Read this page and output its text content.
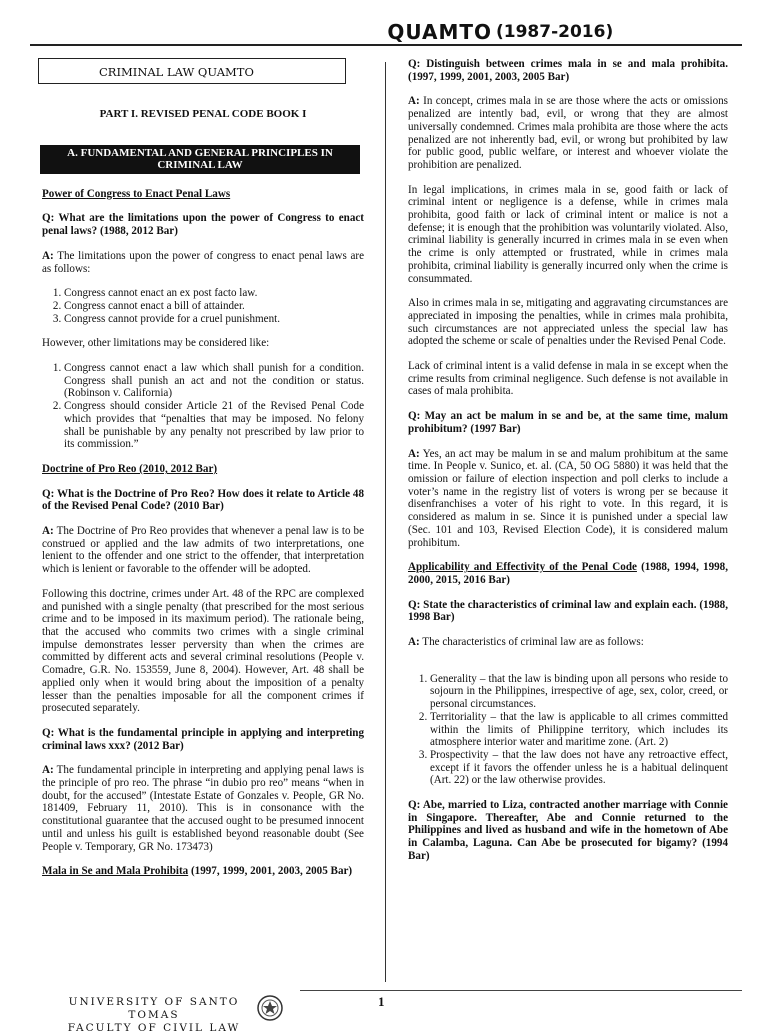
QUAMTO (1987-2016)
CRIMINAL LAW QUAMTO
PART I. REVISED PENAL CODE BOOK I
A. FUNDAMENTAL AND GENERAL PRINCIPLES IN CRIMINAL LAW
Power of Congress to Enact Penal Laws
Q: What are the limitations upon the power of Congress to enact penal laws? (1988, 2012 Bar)
A: The limitations upon the power of congress to enact penal laws are as follows:
1. Congress cannot enact an ex post facto law.
2. Congress cannot enact a bill of attainder.
3. Congress cannot provide for a cruel punishment.
However, other limitations may be considered like:
1. Congress cannot enact a law which shall punish for a condition. Congress shall punish an act and not the condition or status. (Robinson v. California)
2. Congress should consider Article 21 of the Revised Penal Code which provides that “penalties that may be imposed. No felony shall be punishable by any penalty not prescribed by law prior to its commission.”
Doctrine of Pro Reo (2010, 2012 Bar)
Q: What is the Doctrine of Pro Reo? How does it relate to Article 48 of the Revised Penal Code? (2010 Bar)
A: The Doctrine of Pro Reo provides that whenever a penal law is to be construed or applied and the law admits of two interpretations, one lenient to the offender and one strict to the offender, that interpretation which is lenient or favorable to the offender will be adopted.
Following this doctrine, crimes under Art. 48 of the RPC are complexed and punished with a single penalty (that prescribed for the most serious crime and to be imposed in its maximum period). The rationale being, that the accused who commits two crimes with a single criminal impulse demonstrates lesser perversity than when the crimes are committed by different acts and several criminal resolutions (People v. Comadre, G.R. No. 153559, June 8, 2004). However, Art. 48 shall be applied only when it would bring about the imposition of a penalty lesser than the penalties imposable for all the component crimes if prosecuted separately.
Q: What is the fundamental principle in applying and interpreting criminal laws xxx? (2012 Bar)
A: The fundamental principle in interpreting and applying penal laws is the principle of pro reo. The phrase “in dubio pro reo” means “when in doubt, for the accused” (Intestate Estate of Gonzales v. People, GR No. 181409, February 11, 2010). This is in consonance with the constitutional guarantee that the accused ought to be presumed innocent until and unless his guilt is established beyond reasonable doubt (See People v. Temporary, GR No. 173473)
Mala in Se and Mala Prohibita (1997, 1999, 2001, 2003, 2005 Bar)
Q: Distinguish between crimes mala in se and mala prohibita. (1997, 1999, 2001, 2003, 2005 Bar)
A: In concept, crimes mala in se are those where the acts or omissions penalized are intently bad, evil, or wrong that they are almost universally condemned. Crimes mala prohibita are those where the acts penalized are not inherently bad, evil, or wrong but prohibited by law for public good, public welfare, or interest and whoever violate the prohibition are penalized.
In legal implications, in crimes mala in se, good faith or lack of criminal intent or negligence is a defense, while in crimes mala prohibita, good faith or lack of criminal intent or malice is not a defense; it is enough that the prohibition was voluntarily violated. Also, criminal liability is generally incurred in crimes mala in se even when the crime is only attempted or frustrated, while in crimes mala prohibita, criminal liability is generally incurred only when the crime is consummated.
Also in crimes mala in se, mitigating and aggravating circumstances are appreciated in imposing the penalties, while in crimes mala prohibita, such circumstances are not appreciated unless the special law has adopted the scheme or scale of penalties under the Revised Penal Code.
Lack of criminal intent is a valid defense in mala in se except when the crime results from criminal negligence. Such defense is not available in cases of mala prohibita.
Q: May an act be malum in se and be, at the same time, malum prohibitum? (1997 Bar)
A: Yes, an act may be malum in se and malum prohibitum at the same time. In People v. Sunico, et. al. (CA, 50 OG 5880) it was held that the omission or failure of election inspection and poll clerks to include a voter’s name in the registry list of voters is wrong per se because it disenfranchises a voter of his right to vote. In this regard, it is considered as malum in se. Since it is punished under a special law (Sec. 101 and 103, Revised Election Code), it is considered malum prohibitum.
Applicability and Effectivity of the Penal Code (1988, 1994, 1998, 2000, 2015, 2016 Bar)
Q: State the characteristics of criminal law and explain each. (1988, 1998 Bar)
A: The characteristics of criminal law are as follows:
1. Generality – that the law is binding upon all persons who reside to sojourn in the Philippines, irrespective of age, sex, color, creed, or personal circumstances.
2. Territoriality – that the law is applicable to all crimes committed within the limits of Philippine territory, which includes its atmosphere interior water and maritime zone. (Art. 2)
3. Prospectivity – that the law does not have any retroactive effect, except if it favors the offender unless he is a habitual delinquent (Art. 22) or the law otherwise provides.
Q: Abe, married to Liza, contracted another marriage with Connie in Singapore. Thereafter, Abe and Connie returned to the Philippines and lived as husband and wife in the hometown of Abe in Calamba, Laguna. Can Abe be prosecuted for bigamy? (1994 Bar)
UNIVERSITY OF SANTO TOMAS
FACULTY OF CIVIL LAW
1
